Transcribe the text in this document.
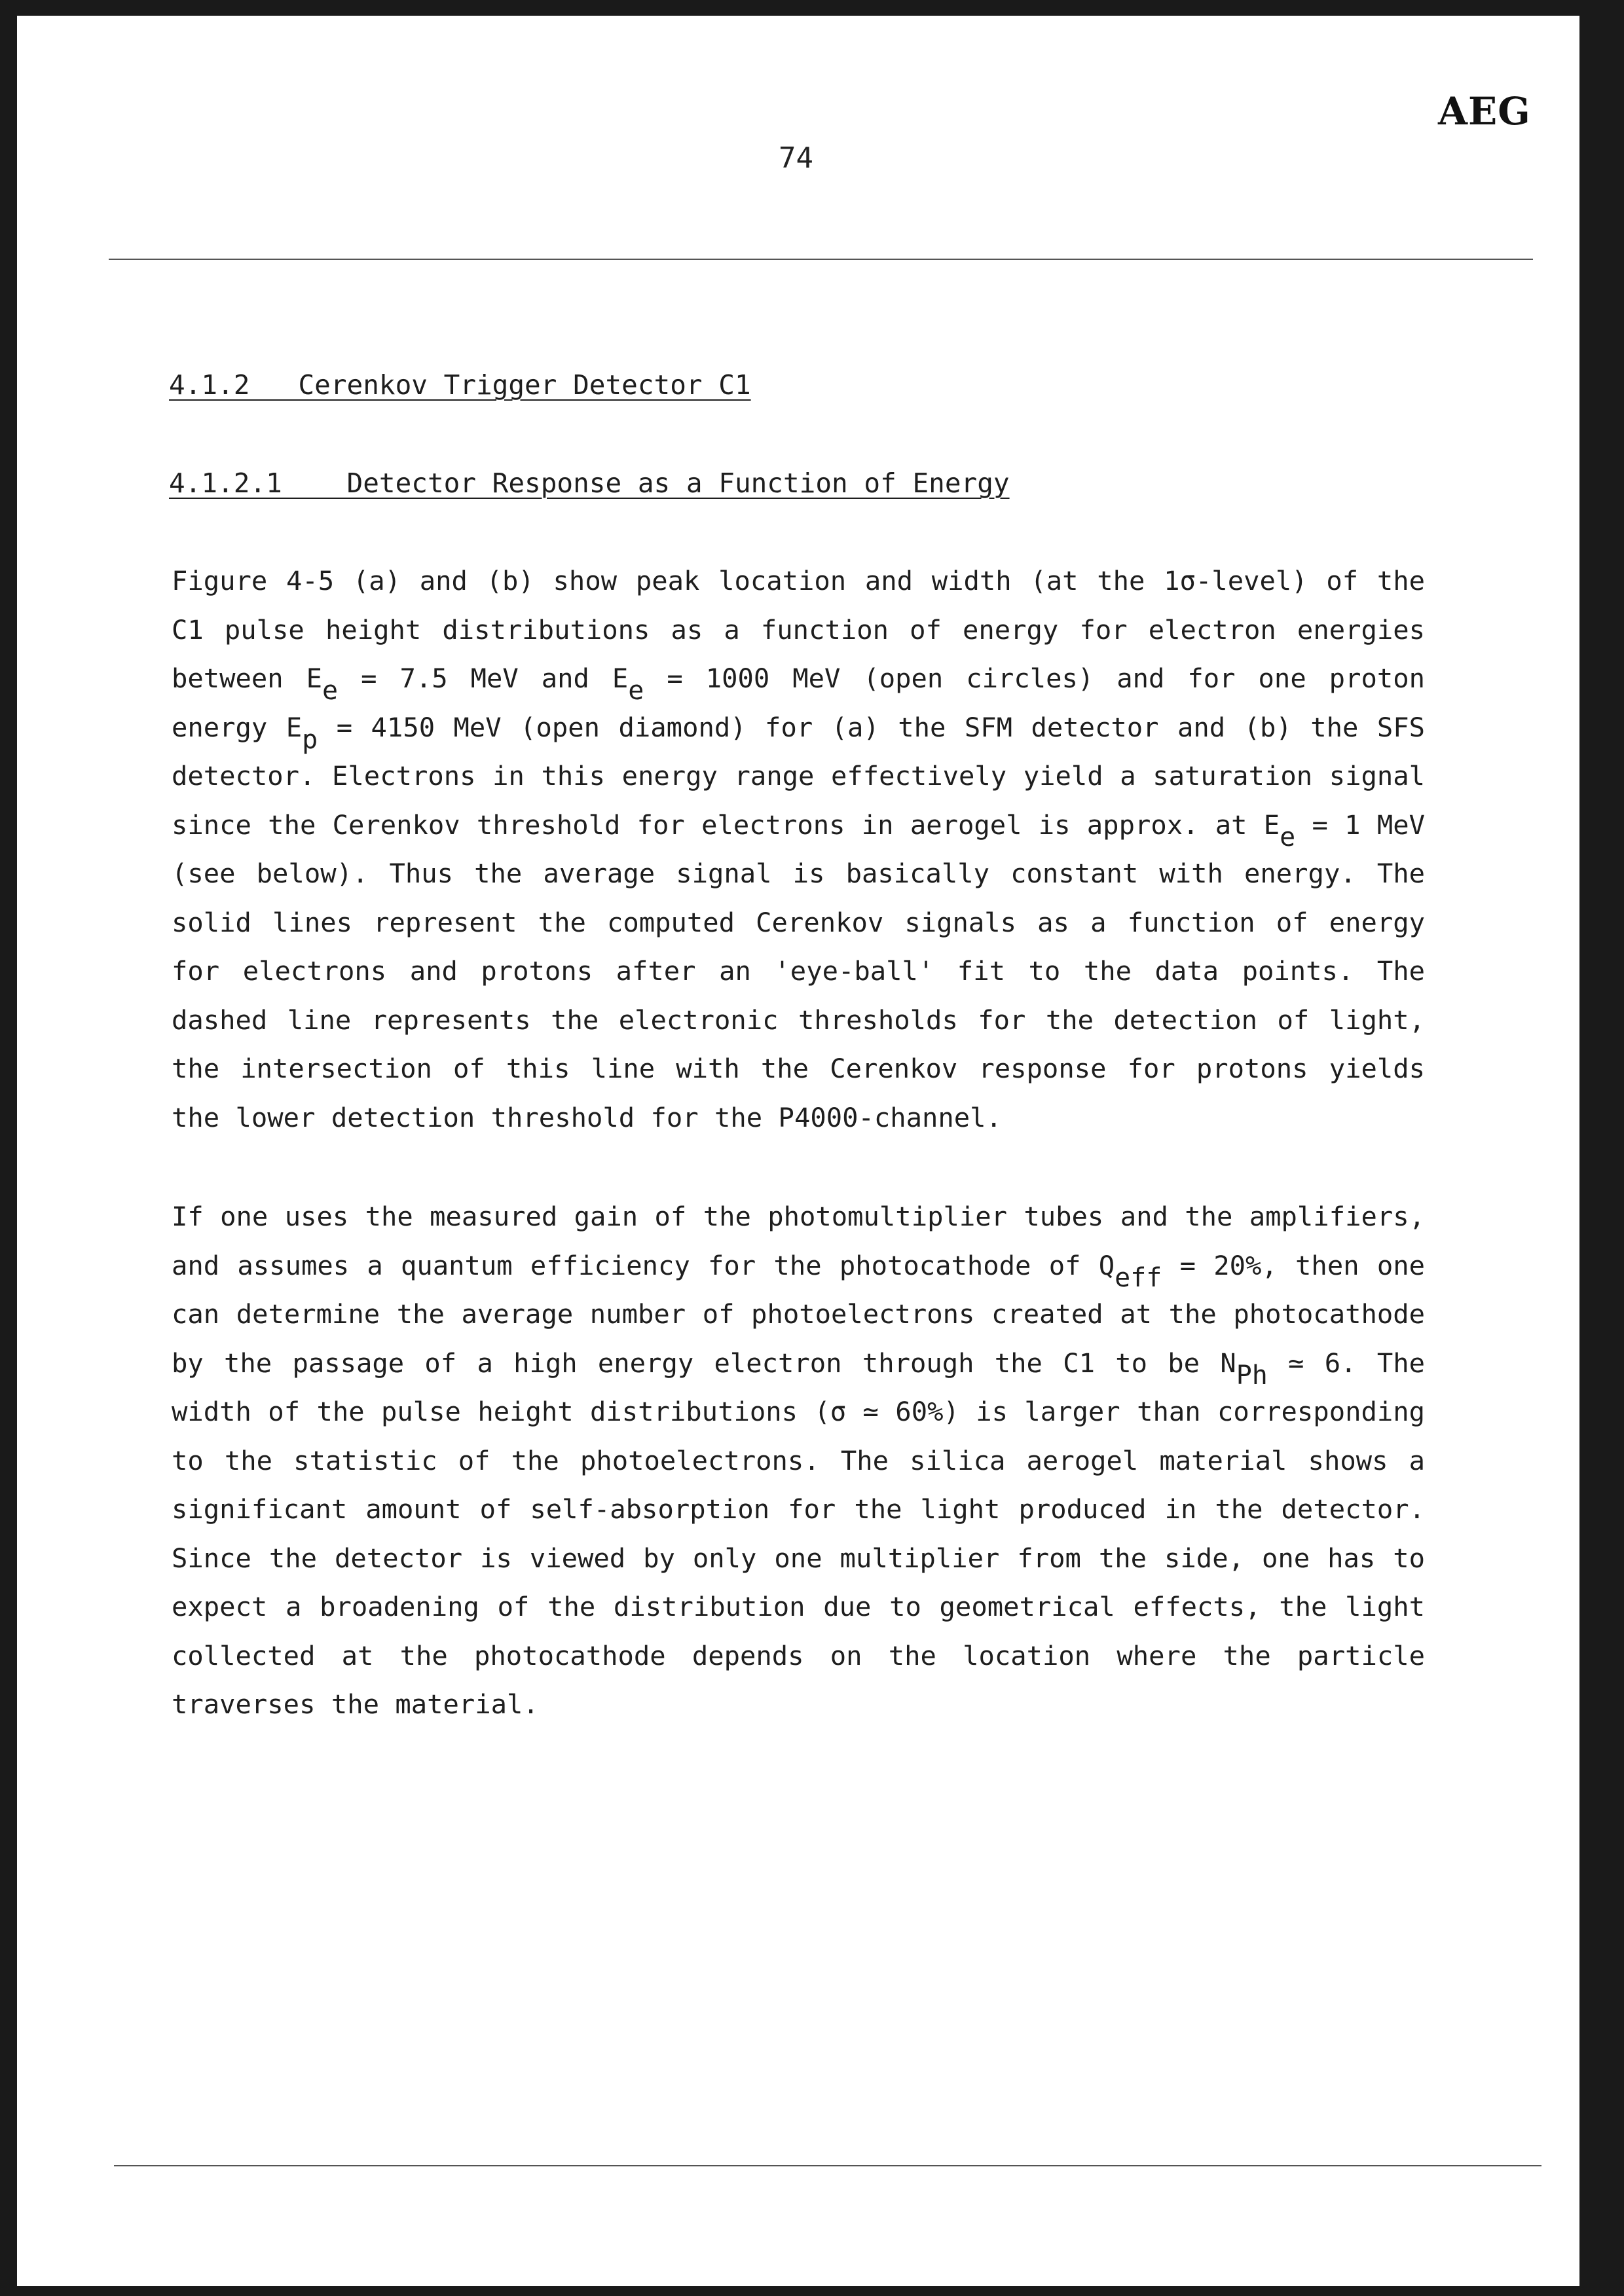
AEG
74
4.1.2   Cerenkov Trigger Detector C1
4.1.2.1    Detector Response as a Function of Energy

Figure 4-5 (a) and (b) show peak location and width (at the 1σ-level) of the C1 pulse height distributions as a function of energy for electron energies between $E_e = 7.5$ MeV and $E_e = 1000$ MeV (open circles) and for one proton energy $E_p = 4150$ MeV (open diamond) for (a) the SFM detector and (b) the SFS detector. Electrons in this energy range effectively yield a saturation signal since the Cerenkov threshold for electrons in aerogel is approx. at $E_e = 1$ MeV (see below). Thus the average signal is basically constant with energy. The solid lines represent the computed Cerenkov signals as a function of energy for electrons and protons after an 'eye-ball' fit to the data points. The dashed line represents the electronic thresholds for the detection of light, the intersection of this line with the Cerenkov response for protons yields the lower detection threshold for the P4000-channel.

If one uses the measured gain of the photomultiplier tubes and the amplifiers, and assumes a quantum efficiency for the photocathode of $Q_{eff} = 20\%$, then one can determine the average number of photoelectrons created at the photocathode by the passage of a high energy electron through the C1 to be $N_{Ph}$ ≃ 6. The width of the pulse height distributions (σ ≃ 60%) is larger than corresponding to the statistic of the photoelectrons. The silica aerogel material shows a significant amount of self-absorption for the light produced in the detector. Since the detector is viewed by only one multiplier from the side, one has to expect a broadening of the distribution due to geometrical effects, the light collected at the photocathode depends on the location where the particle traverses the material.
